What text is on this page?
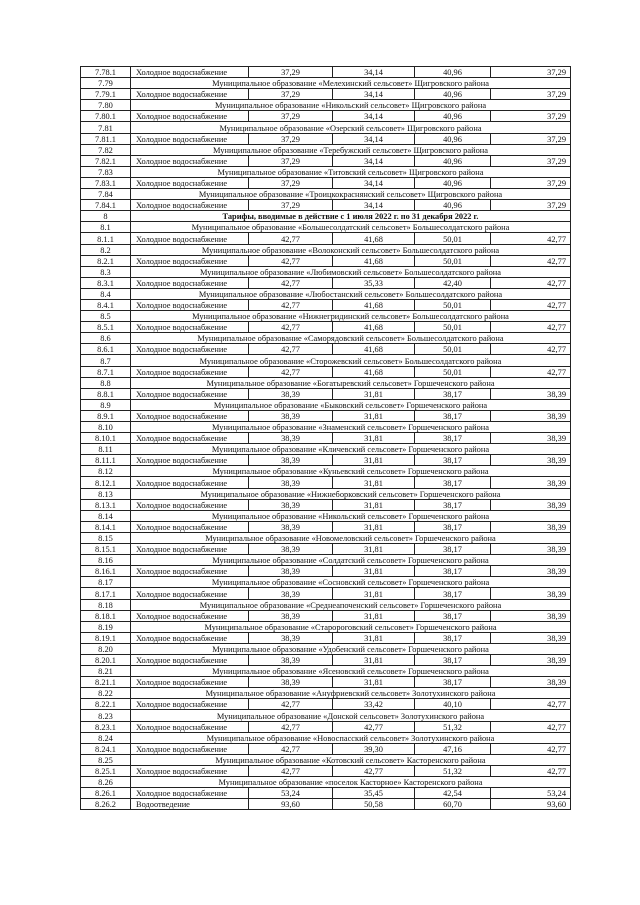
7.78.1	Холодное водоснабжение	37,29	34,14	40,96	37,29
7.79	Муниципальное образование «Мелехинский сельсовет» Щигровского района				
7.79.1	Холодное водоснабжение	37,29	34,14	40,96	37,29
7.80	Муниципальное образование «Никольский сельсовет» Щигровского района				
7.80.1	Холодное водоснабжение	37,29	34,14	40,96	37,29
7.81	Муниципальное образование «Озерский сельсовет» Щигровского района				
7.81.1	Холодное водоснабжение	37,29	34,14	40,96	37,29
7.82	Муниципальное образование «Теребужский сельсовет» Щигровского района				
7.82.1	Холодное водоснабжение	37,29	34,14	40,96	37,29
7.83	Муниципальное образование «Титовский сельсовет» Щигровского района				
7.83.1	Холодное водоснабжение	37,29	34,14	40,96	37,29
7.84	Муниципальное образование «Троицкокраснянский сельсовет» Щигровского района				
7.84.1	Холодное водоснабжение	37,29	34,14	40,96	37,29
8	Тарифы, вводимые в действие с 1 июля 2022 г. по 31 декабря 2022 г.				
8.1	Муниципальное образование «Большесолдатский сельсовет» Большесолдатского района				
8.1.1	Холодное водоснабжение	42,77	41,68	50,01	42,77
8.2	Муниципальное образование «Волоконский сельсовет» Большесолдатского района				
8.2.1	Холодное водоснабжение	42,77	41,68	50,01	42,77
8.3	Муниципальное образование «Любимовский сельсовет» Большесолдатского района				
8.3.1	Холодное водоснабжение	42,77	35,33	42,40	42,77
8.4	Муниципальное образование «Любостанский сельсовет» Большесолдатского района				
8.4.1	Холодное водоснабжение	42,77	41,68	50,01	42,77
8.5	Муниципальное образование «Нижнегридинский сельсовет» Большесолдатского района				
8.5.1	Холодное водоснабжение	42,77	41,68	50,01	42,77
8.6	Муниципальное образование «Саморядовский сельсовет» Большесолдатского района				
8.6.1	Холодное водоснабжение	42,77	41,68	50,01	42,77
8.7	Муниципальное образование «Сторожевский сельсовет» Большесолдатского района				
8.7.1	Холодное водоснабжение	42,77	41,68	50,01	42,77
8.8	Муниципальное образование «Богатыревский сельсовет» Горшеченского района				
8.8.1	Холодное водоснабжение	38,39	31,81	38,17	38,39
8.9	Муниципальное образование «Быковский сельсовет» Горшеченского района				
8.9.1	Холодное водоснабжение	38,39	31,81	38,17	38,39
8.10	Муниципальное образование «Знаменский сельсовет» Горшеченского района				
8.10.1	Холодное водоснабжение	38,39	31,81	38,17	38,39
8.11	Муниципальное образование «Кличевский сельсовет» Горшеченского района				
8.11.1	Холодное водоснабжение	38,39	31,81	38,17	38,39
8.12	Муниципальное образование «Куньевский сельсовет» Горшеченского района				
8.12.1	Холодное водоснабжение	38,39	31,81	38,17	38,39
8.13	Муниципальное образование «Нижнеборковский сельсовет» Горшеченского района				
8.13.1	Холодное водоснабжение	38,39	31,81	38,17	38,39
8.14	Муниципальное образование «Никольский сельсовет» Горшеченского района				
8.14.1	Холодное водоснабжение	38,39	31,81	38,17	38,39
8.15	Муниципальное образование «Новомеловский сельсовет» Горшеченского района				
8.15.1	Холодное водоснабжение	38,39	31,81	38,17	38,39
8.16	Муниципальное образование «Солдатский сельсовет» Горшеченского района				
8.16.1	Холодное водоснабжение	38,39	31,81	38,17	38,39
8.17	Муниципальное образование «Сосновский сельсовет» Горшеченского района				
8.17.1	Холодное водоснабжение	38,39	31,81	38,17	38,39
8.18	Муниципальное образование «Среднеапоченский сельсовет» Горшеченского района				
8.18.1	Холодное водоснабжение	38,39	31,81	38,17	38,39
8.19	Муниципальное образование «Старороговский сельсовет» Горшеченского района				
8.19.1	Холодное водоснабжение	38,39	31,81	38,17	38,39
8.20	Муниципальное образование «Удобенский сельсовет» Горшеченского района				
8.20.1	Холодное водоснабжение	38,39	31,81	38,17	38,39
8.21	Муниципальное образование «Ясеновский сельсовет» Горшеченского района				
8.21.1	Холодное водоснабжение	38,39	31,81	38,17	38,39
8.22	Муниципальное образование «Ануфриевский сельсовет» Золотухинского района				
8.22.1	Холодное водоснабжение	42,77	33,42	40,10	42,77
8.23	Муниципальное образование «Донской сельсовет» Золотухинского района				
8.23.1	Холодное водоснабжение	42,77	42,77	51,32	42,77
8.24	Муниципальное образование «Новоспасский сельсовет» Золотухинского района				
8.24.1	Холодное водоснабжение	42,77	39,30	47,16	42,77
8.25	Муниципальное образование «Котовский сельсовет» Касторенского района				
8.25.1	Холодное водоснабжение	42,77	42,77	51,32	42,77
8.26	Муниципальное образование «поселок Касторное» Касторенского района				
8.26.1	Холодное водоснабжение	53,24	35,45	42,54	53,24
8.26.2	Водоотведение	93,60	50,58	60,70	93,60
